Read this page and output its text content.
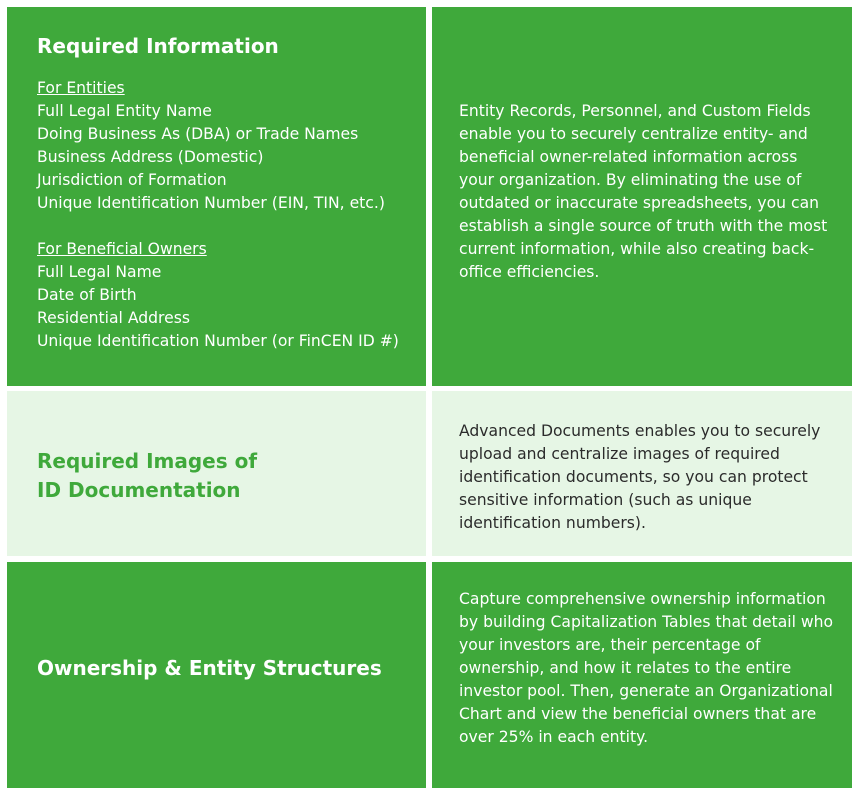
Required Information
For Entities
Full Legal Entity Name
Doing Business As (DBA) or Trade Names
Business Address (Domestic)
Jurisdiction of Formation
Unique Identification Number (EIN, TIN, etc.)
For Beneficial Owners
Full Legal Name
Date of Birth
Residential Address
Unique Identification Number (or FinCEN ID #)
Entity Records, Personnel, and Custom Fields enable you to securely centralize entity- and beneficial owner-related information across your organization. By eliminating the use of outdated or inaccurate spreadsheets, you can establish a single source of truth with the most current information, while also creating back-office efficiencies.
Required Images of
ID Documentation
Advanced Documents enables you to securely upload and centralize images of required identification documents, so you can protect sensitive information (such as unique identification numbers).
Ownership & Entity Structures
Capture comprehensive ownership information by building Capitalization Tables that detail who your investors are, their percentage of ownership, and how it relates to the entire investor pool. Then, generate an Organizational Chart and view the beneficial owners that are over 25% in each entity.
